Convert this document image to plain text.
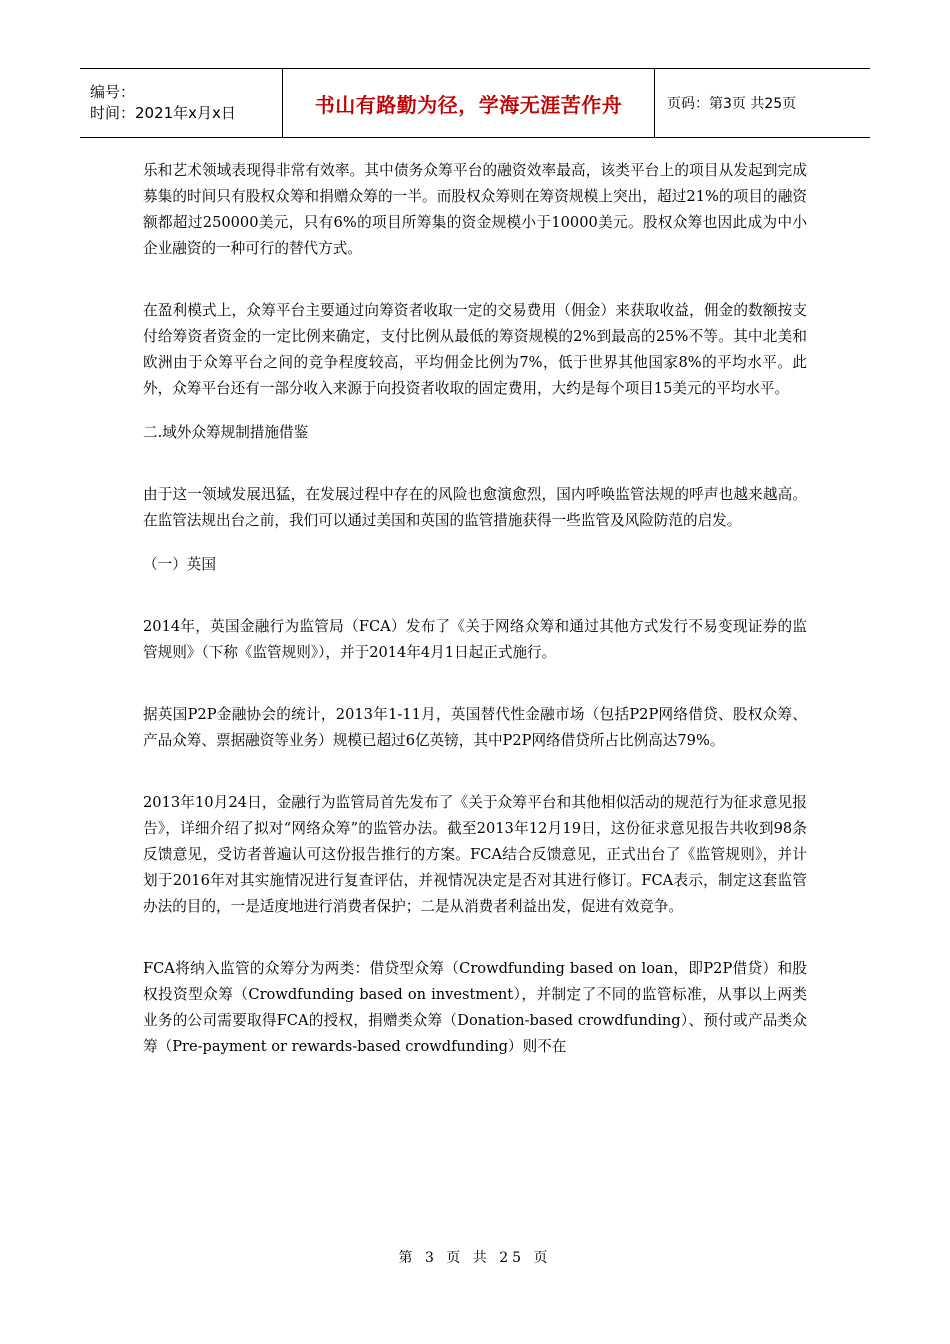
编号：
时间：2021年x月x日	书山有路勤为径，学海无涯苦作舟	页码：第3页 共25页

乐和艺术领域表现得非常有效率。其中债务众筹平台的融资效率最高，该类平台上的项目从发起到完成募集的时间只有股权众筹和捐赠众筹的一半。而股权众筹则在筹资规模上突出，超过21%的项目的融资额都超过250000美元，只有6%的项目所筹集的资金规模小于10000美元。股权众筹也因此成为中小企业融资的一种可行的替代方式。

在盈利模式上，众筹平台主要通过向筹资者收取一定的交易费用（佣金）来获取收益，佣金的数额按支付给筹资者资金的一定比例来确定，支付比例从最低的筹资规模的2%到最高的25%不等。其中北美和欧洲由于众筹平台之间的竞争程度较高，平均佣金比例为7%，低于世界其他国家8%的平均水平。此外，众筹平台还有一部分收入来源于向投资者收取的固定费用，大约是每个项目15美元的平均水平。

二.域外众筹规制措施借鉴

由于这一领域发展迅猛，在发展过程中存在的风险也愈演愈烈，国内呼唤监管法规的呼声也越来越高。在监管法规出台之前，我们可以通过美国和英国的监管措施获得一些监管及风险防范的启发。

（一）英国

2014年，英国金融行为监管局（FCA）发布了《关于网络众筹和通过其他方式发行不易变现证券的监管规则》（下称《监管规则》），并于2014年4月1日起正式施行。

据英国P2P金融协会的统计，2013年1-11月，英国替代性金融市场（包括P2P网络借贷、股权众筹、产品众筹、票据融资等业务）规模已超过6亿英镑，其中P2P网络借贷所占比例高达79%。

2013年10月24日，金融行为监管局首先发布了《关于众筹平台和其他相似活动的规范行为征求意见报告》，详细介绍了拟对“网络众筹”的监管办法。截至2013年12月19日，这份征求意见报告共收到98条反馈意见，受访者普遍认可这份报告推行的方案。FCA结合反馈意见，正式出台了《监管规则》，并计划于2016年对其实施情况进行复查评估，并视情况决定是否对其进行修订。FCA表示，制定这套监管办法的目的，一是适度地进行消费者保护；二是从消费者利益出发，促进有效竞争。

FCA将纳入监管的众筹分为两类：借贷型众筹（Crowdfunding based on loan，即P2P借贷）和股权投资型众筹（Crowdfunding based on investment），并制定了不同的监管标准，从事以上两类业务的公司需要取得FCA的授权，捐赠类众筹（Donation-based crowdfunding）、预付或产品类众筹（Pre-payment or rewards-based crowdfunding）则不在

第 3 页 共 25 页
